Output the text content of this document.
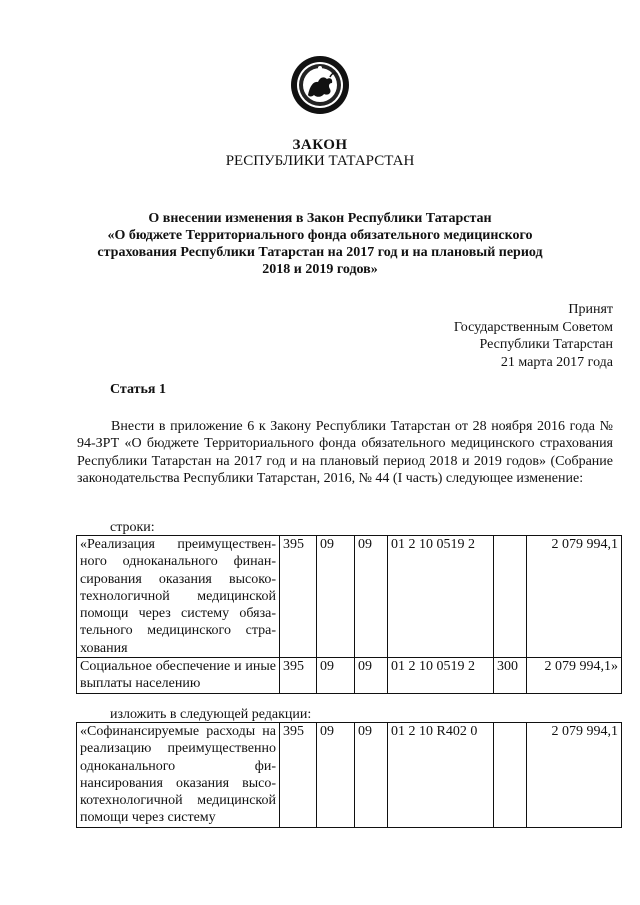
ЗАКОН
РЕСПУБЛИКИ ТАТАРСТАН
О внесении изменения в Закон Республики Татарстан
«О бюджете Территориального фонда обязательного медицинского
страхования Республики Татарстан на 2017 год и на плановый период
2018 и 2019 годов»
Принят
Государственным Советом
Республики Татарстан
21 марта 2017 года
Статья 1
Внести в приложение 6 к Закону Республики Татарстан от 28 ноября 2016 года № 94-ЗРТ «О бюджете Территориального фонда обязательного медицинского страхования Республики Татарстан на 2017 год и на плановый период 2018 и 2019 годов» (Собрание законодательства Республики Татарстан, 2016, № 44 (I часть) следующее изменение:
строки:
«Реализация преимущественного одноканального финансирования оказания высокотехнологичной медицинской помощи через систему обязательного медицинского страхования	395	09	09	01 2 10 0519 2		2 079 994,1
Социальное обеспечение и иные выплаты населению	395	09	09	01 2 10 0519 2	300	2 079 994,1»
изложить в следующей редакции:
«Софинансируемые расходы на реализацию преимущественно одноканального финансирования оказания высокотехнологичной медицинской помощи через систему	395	09	09	01 2 10 R402 0		2 079 994,1
